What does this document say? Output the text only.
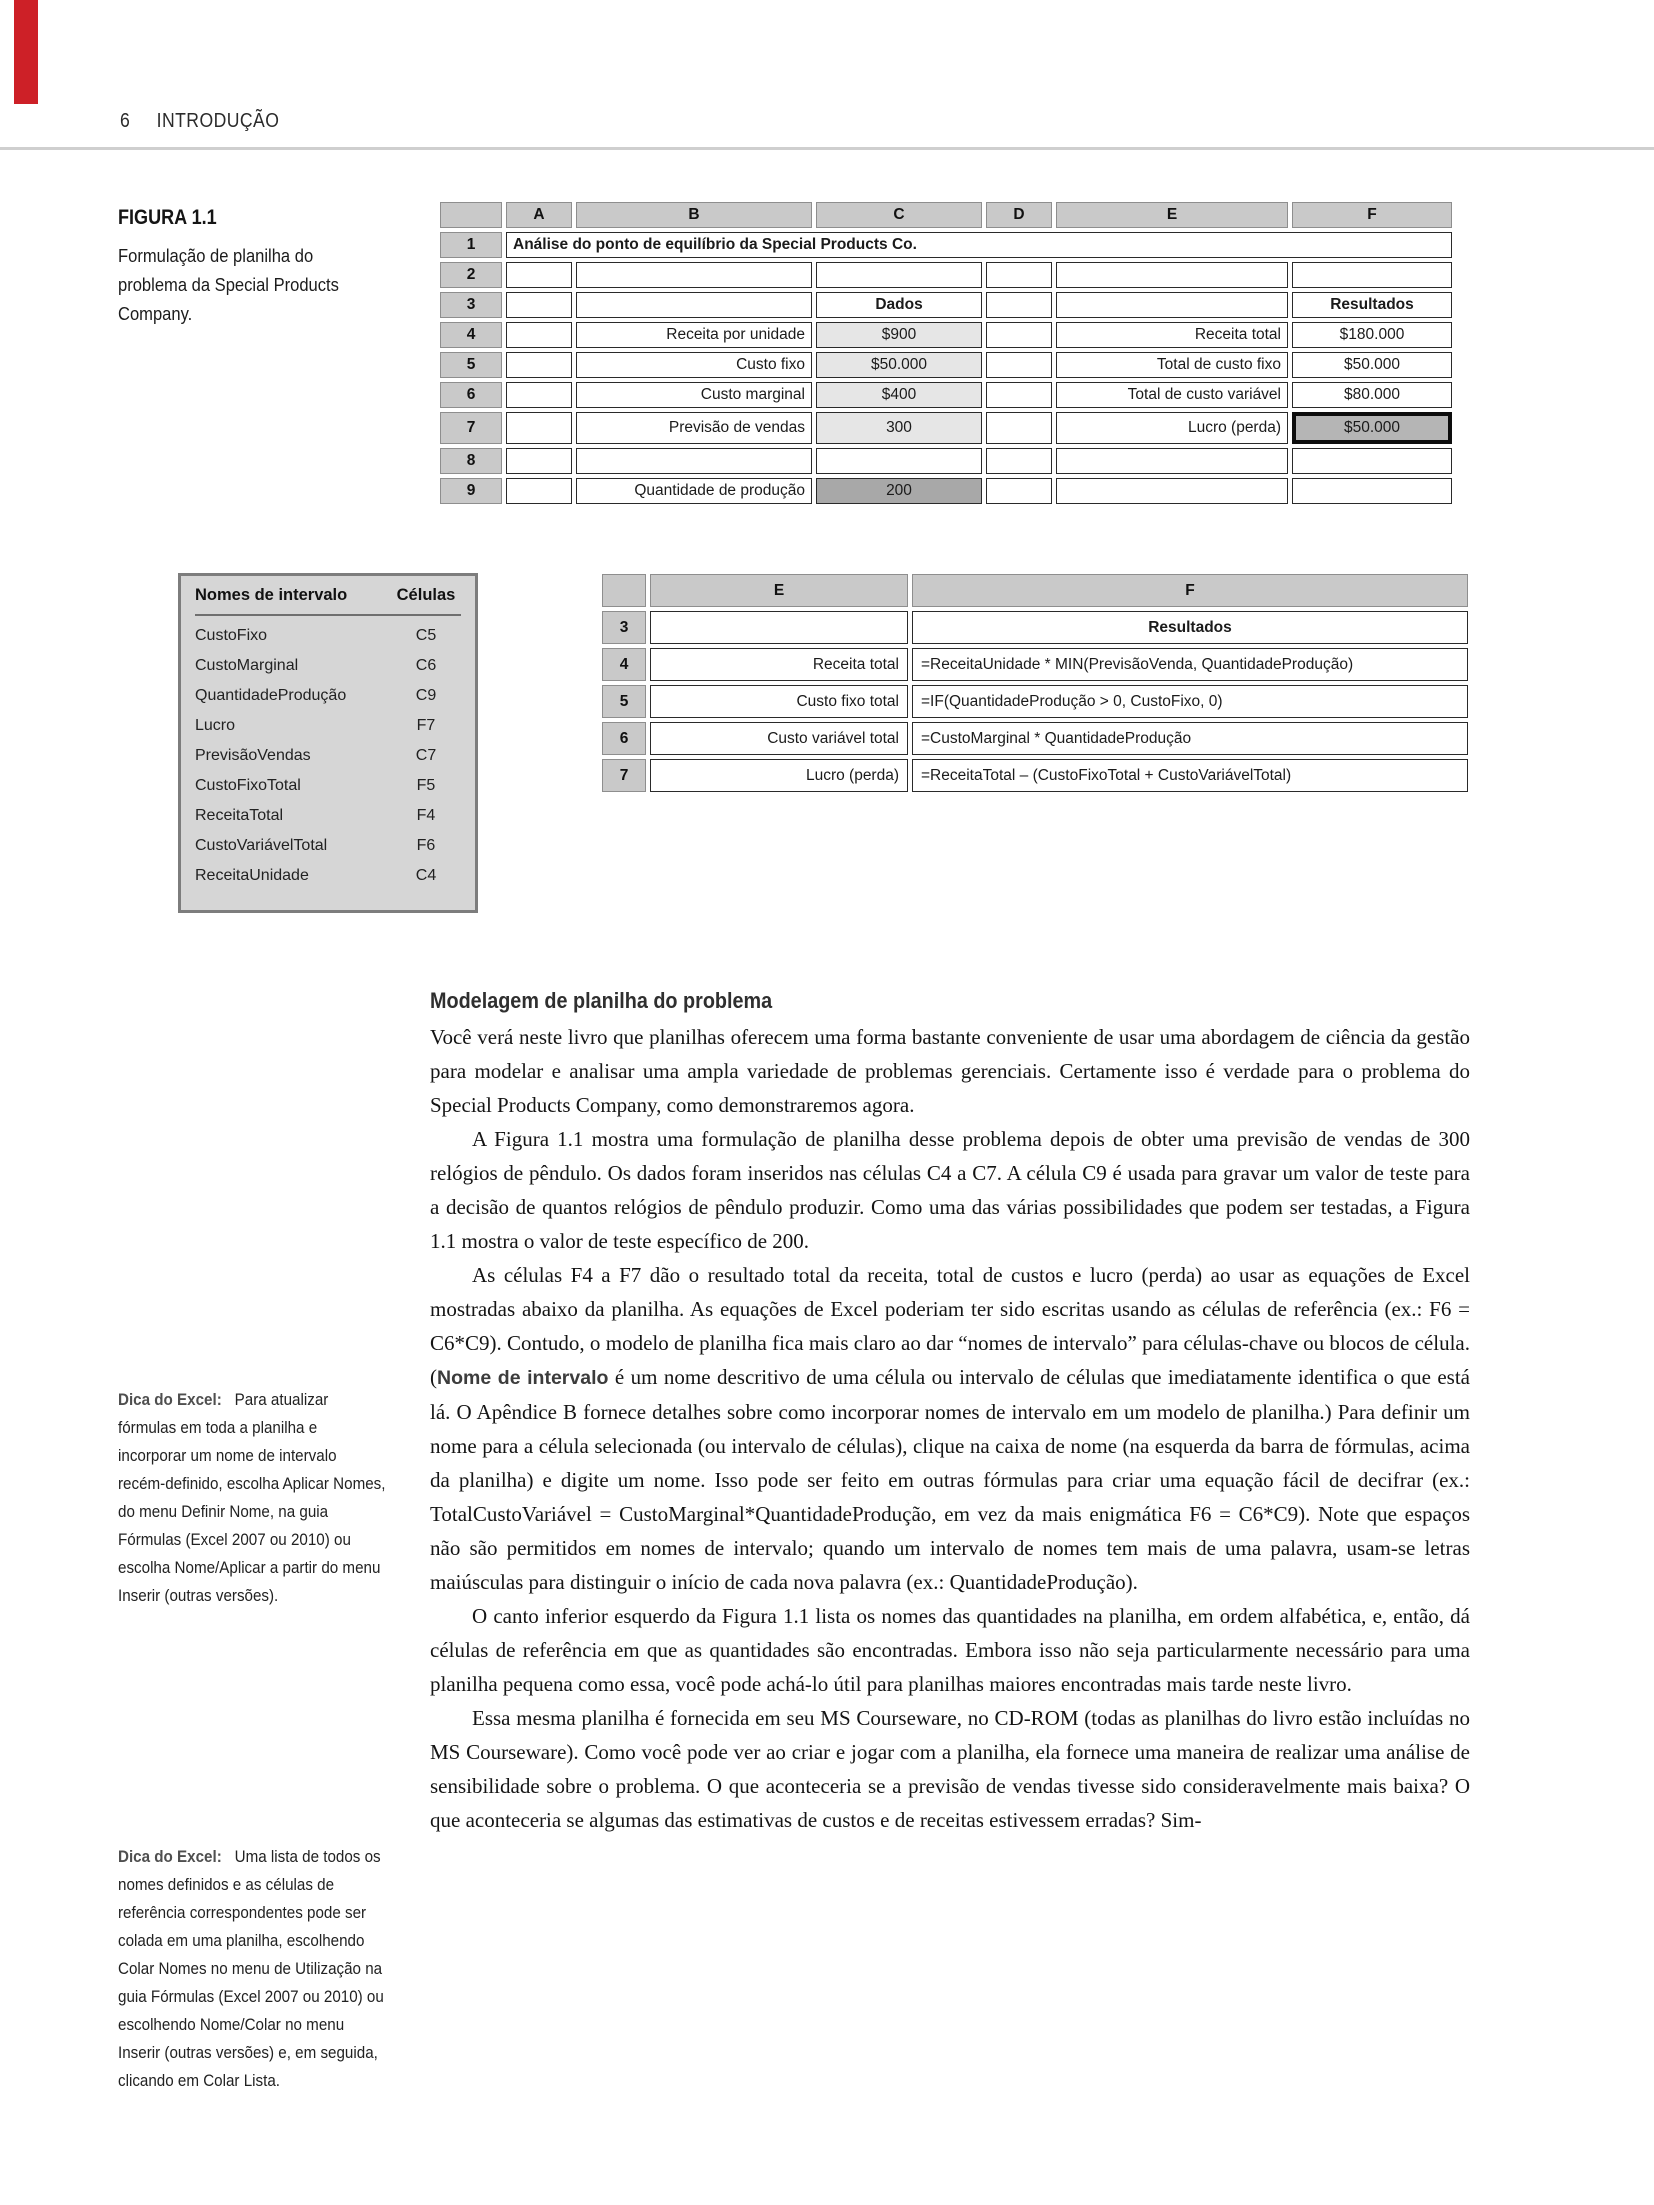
6 INTRODUÇÃO
FIGURA 1.1
Formulação de planilha do problema da Special Products Company.
	A	B	C	D	E	F
1	Análise do ponto de equilíbrio da Special Products Co.					
2						
3			Dados			Resultados
4		Receita por unidade	$900		Receita total	$180.000
5		Custo fixo	$50.000		Total de custo fixo	$50.000
6		Custo marginal	$400		Total de custo variável	$80.000
7		Previsão de vendas	300		Lucro (perda)	$50.000
8						
9		Quantidade de produção	200			
Nomes de intervalo	Células
CustoFixo	C5
CustoMarginal	C6
QuantidadeProdução	C9
Lucro	F7
PrevisãoVendas	C7
CustoFixoTotal	F5
ReceitaTotal	F4
CustoVariávelTotal	F6
ReceitaUnidade	C4
	E	F
3		Resultados
4	Receita total	=ReceitaUnidade * MIN(PrevisãoVenda, QuantidadeProdução)
5	Custo fixo total	=IF(QuantidadeProdução > 0, CustoFixo, 0)
6	Custo variável total	=CustoMarginal * QuantidadeProdução
7	Lucro (perda)	=ReceitaTotal – (CustoFixoTotal + CustoVariávelTotal)
Modelagem de planilha do problema

Você verá neste livro que planilhas oferecem uma forma bastante conveniente de usar uma abordagem de ciência da gestão para modelar e analisar uma ampla variedade de problemas gerenciais. Certamente isso é verdade para o problema do Special Products Company, como demonstraremos agora.

A Figura 1.1 mostra uma formulação de planilha desse problema depois de obter uma previsão de vendas de 300 relógios de pêndulo. Os dados foram inseridos nas células C4 a C7. A célula C9 é usada para gravar um valor de teste para a decisão de quantos relógios de pêndulo produzir. Como uma das várias possibilidades que podem ser testadas, a Figura 1.1 mostra o valor de teste específico de 200.

As células F4 a F7 dão o resultado total da receita, total de custos e lucro (perda) ao usar as equações de Excel mostradas abaixo da planilha. As equações de Excel poderiam ter sido escritas usando as células de referência (ex.: F6 = C6*C9). Contudo, o modelo de planilha fica mais claro ao dar “nomes de intervalo” para células-chave ou blocos de célula. (Nome de intervalo é um nome descritivo de uma célula ou intervalo de células que imediatamente identifica o que está lá. O Apêndice B fornece detalhes sobre como incorporar nomes de intervalo em um modelo de planilha.) Para definir um nome para a célula selecionada (ou intervalo de células), clique na caixa de nome (na esquerda da barra de fórmulas, acima da planilha) e digite um nome. Isso pode ser feito em outras fórmulas para criar uma equação fácil de decifrar (ex.: TotalCustoVariável = CustoMarginal*QuantidadeProdução, em vez da mais enigmática F6 = C6*C9). Note que espaços não são permitidos em nomes de intervalo; quando um intervalo de nomes tem mais de uma palavra, usam-se letras maiúsculas para distinguir o início de cada nova palavra (ex.: QuantidadeProdução).

O canto inferior esquerdo da Figura 1.1 lista os nomes das quantidades na planilha, em ordem alfabética, e, então, dá células de referência em que as quantidades são encontradas. Embora isso não seja particularmente necessário para uma planilha pequena como essa, você pode achá-lo útil para planilhas maiores encontradas mais tarde neste livro.

Essa mesma planilha é fornecida em seu MS Courseware, no CD-ROM (todas as planilhas do livro estão incluídas no MS Courseware). Como você pode ver ao criar e jogar com a planilha, ela fornece uma maneira de realizar uma análise de sensibilidade sobre o problema. O que aconteceria se a previsão de vendas tivesse sido consideravelmente mais baixa? O que aconteceria se algumas das estimativas de custos e de receitas estivessem erradas? Sim-

Dica do Excel: Para atualizar fórmulas em toda a planilha e incorporar um nome de intervalo recém-definido, escolha Aplicar Nomes, do menu Definir Nome, na guia Fórmulas (Excel 2007 ou 2010) ou escolha Nome/Aplicar a partir do menu Inserir (outras versões).
Dica do Excel: Uma lista de todos os nomes definidos e as células de referência correspondentes pode ser colada em uma planilha, escolhendo Colar Nomes no menu de Utilização na guia Fórmulas (Excel 2007 ou 2010) ou escolhendo Nome/Colar no menu Inserir (outras versões) e, em seguida, clicando em Colar Lista.
